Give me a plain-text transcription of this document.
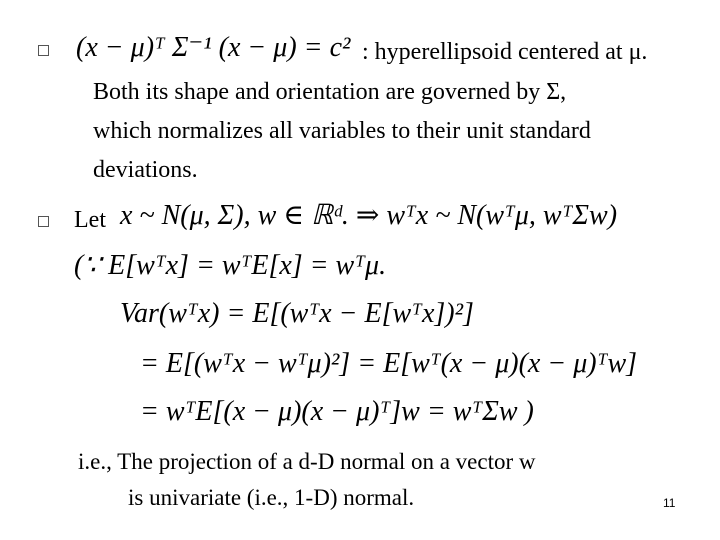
(x − μ)ᵀ Σ⁻¹ (x − μ) = c² : hyperellipsoid centered at μ.
Both its shape and orientation are governed by Σ,
which normalizes all variables to their unit standard
deviations.
Let x ~ N(μ, Σ), w ∈ ℝᵈ. ⇒ wᵀx ~ N(wᵀμ, wᵀΣw)
(∵ E[wᵀx] = wᵀE[x] = wᵀμ.
Var(wᵀx) = E[(wᵀx − E[wᵀx])²]
= E[(wᵀx − wᵀμ)²] = E[wᵀ(x − μ)(x − μ)ᵀw]
= wᵀE[(x − μ)(x − μ)ᵀ]w = wᵀΣw )
i.e., The projection of a d-D normal on a vector w
is univariate (i.e., 1-D) normal.	11
